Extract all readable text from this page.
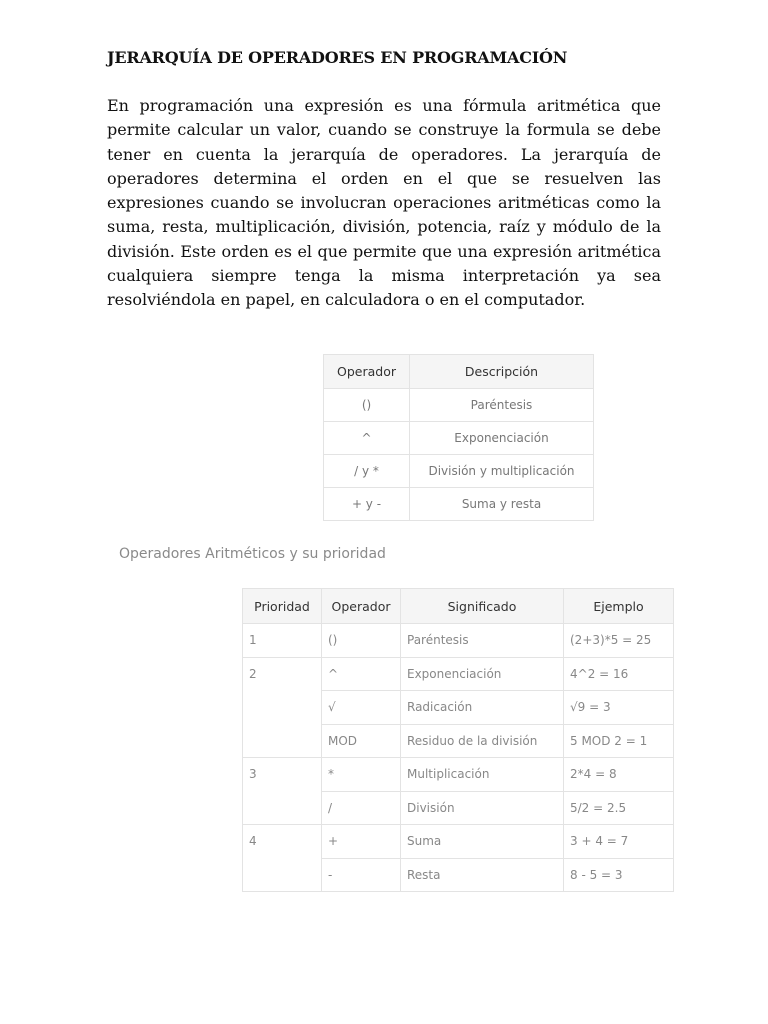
JERARQUÍA DE OPERADORES EN PROGRAMACIÓN
En programación una expresión es una fórmula aritmética que permite calcular un valor, cuando se construye la formula se debe tener en cuenta la jerarquía de operadores. La jerarquía de operadores determina el orden en el que se resuelven las expresiones cuando se involucran operaciones aritméticas como la suma, resta, multiplicación, división, potencia, raíz y módulo de la división. Este orden es el que permite que una expresión aritmética cualquiera siempre tenga la misma interpretación ya sea resolviéndola en papel, en calculadora o en el computador.
Operador	Descripción
()	Paréntesis
^	Exponenciación
/ y *	División y multiplicación
+ y -	Suma y resta
Operadores Aritméticos y su prioridad
Prioridad	Operador	Significado	Ejemplo
1	()	Paréntesis	(2+3)*5 = 25
2	^	Exponenciación	4^2 = 16
	√	Radicación	√9 = 3
	MOD	Residuo de la división	5 MOD 2 = 1
3	*	Multiplicación	2*4 = 8
	/	División	5/2 = 2.5
4	+	Suma	3 + 4 = 7
	-	Resta	8 - 5 = 3
